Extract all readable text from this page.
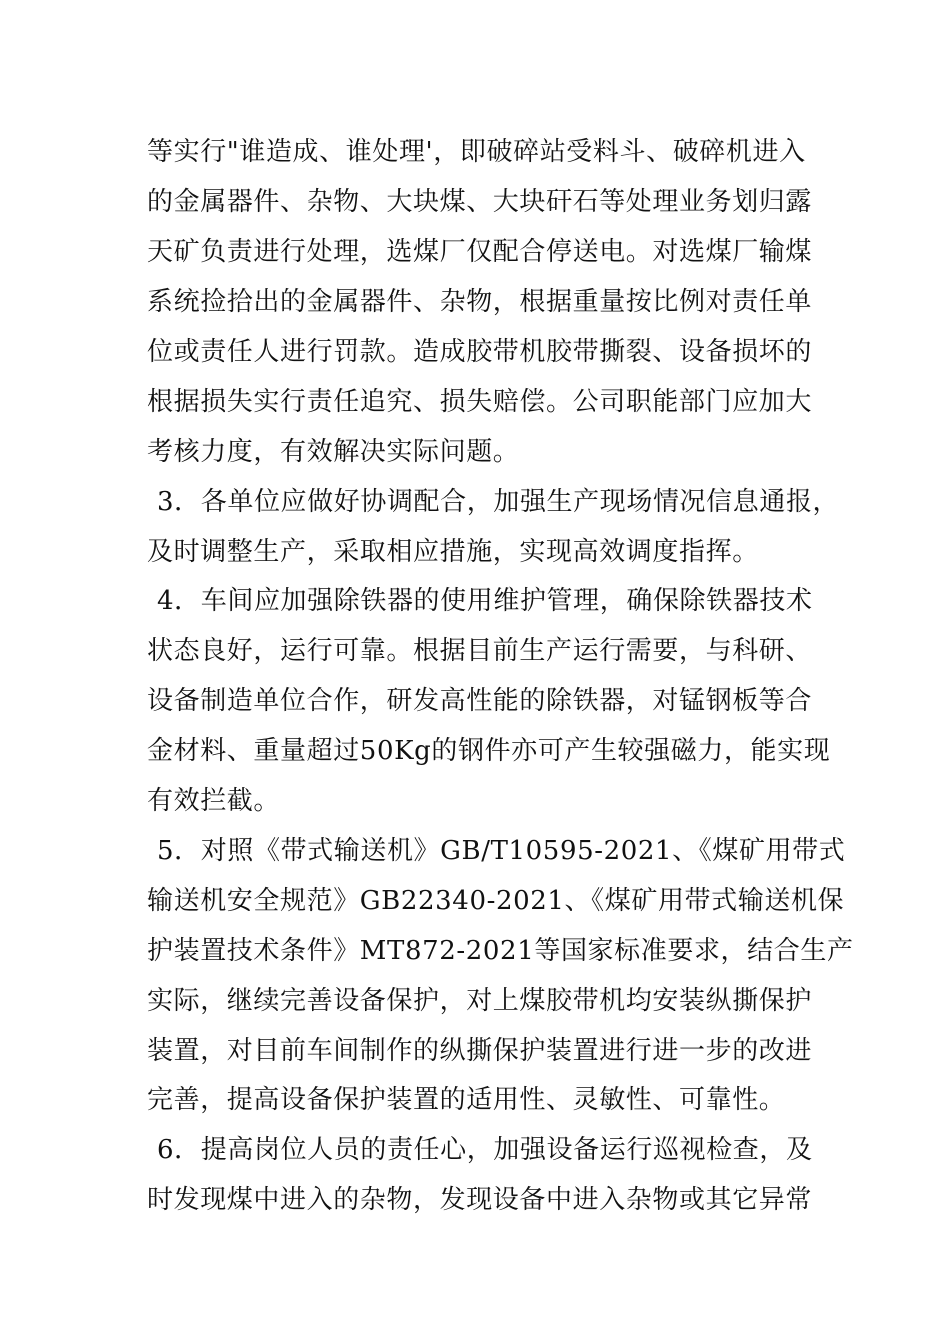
等实行"谁造成、谁处理'，即破碎站受料斗、破碎机进入
的金属器件、杂物、大块煤、大块矸石等处理业务划归露
天矿负责进行处理，选煤厂仅配合停送电。对选煤厂输煤
系统捡拾出的金属器件、杂物，根据重量按比例对责任单
位或责任人进行罚款。造成胶带机胶带撕裂、设备损坏的
根据损失实行责任追究、损失赔偿。公司职能部门应加大
考核力度，有效解决实际问题。
3．各单位应做好协调配合，加强生产现场情况信息通报，
及时调整生产，采取相应措施，实现高效调度指挥。
4．车间应加强除铁器的使用维护管理，确保除铁器技术
状态良好，运行可靠。根据目前生产运行需要，与科研、
设备制造单位合作，研发高性能的除铁器，对锰钢板等合
金材料、重量超过50Kg的钢件亦可产生较强磁力，能实现
有效拦截。
5．对照《带式输送机》GB/T10595-2021、《煤矿用带式
输送机安全规范》GB22340-2021、《煤矿用带式输送机保
护装置技术条件》MT872-2021等国家标准要求，结合生产
实际，继续完善设备保护，对上煤胶带机均安装纵撕保护
装置，对目前车间制作的纵撕保护装置进行进一步的改进
完善，提高设备保护装置的适用性、灵敏性、可靠性。
6．提高岗位人员的责任心，加强设备运行巡视检查，及
时发现煤中进入的杂物，发现设备中进入杂物或其它异常
